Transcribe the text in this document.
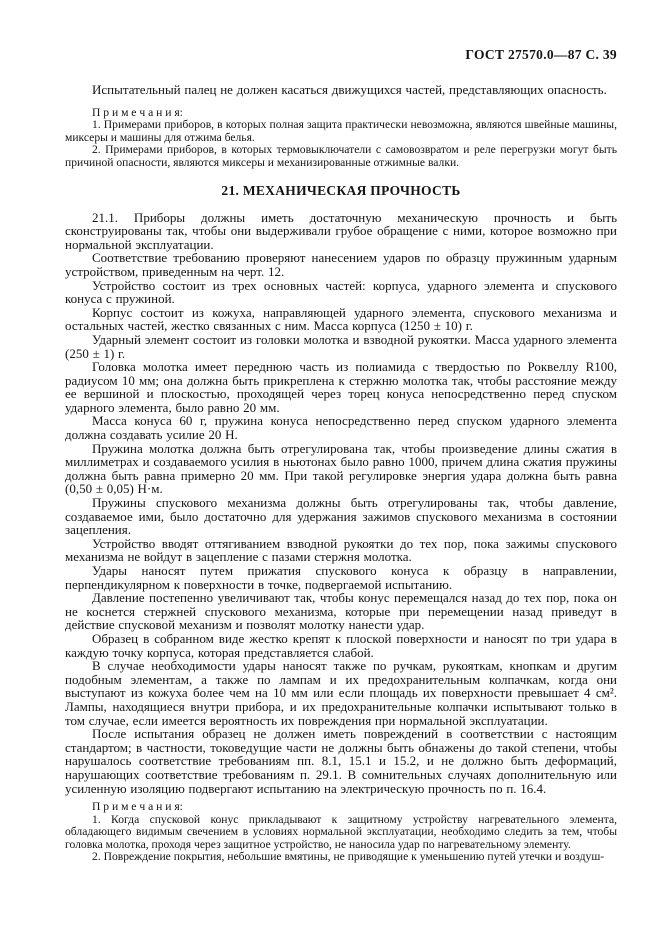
ГОСТ 27570.0—87 С. 39

Испытательный палец не должен касаться движущихся частей, представляющих опасность.

П р и м е ч а н и я:

1. Примерами приборов, в которых полная защита практически невозможна, являются швейные машины, миксеры и машины для отжима белья.

2. Примерами приборов, в которых термовыключатели с самовозвратом и реле перегрузки могут быть причиной опасности, являются миксеры и механизированные отжимные валки.

21. МЕХАНИЧЕСКАЯ ПРОЧНОСТЬ

21.1. Приборы должны иметь достаточную механическую прочность и быть сконструированы так, чтобы они выдерживали грубое обращение с ними, которое возможно при нормальной эксплуатации.

Соответствие требованию проверяют нанесением ударов по образцу пружинным ударным устройством, приведенным на черт. 12.

Устройство состоит из трех основных частей: корпуса, ударного элемента и спускового конуса с пружиной.

Корпус состоит из кожуха, направляющей ударного элемента, спускового механизма и остальных частей, жестко связанных с ним. Масса корпуса (1250 ± 10) г.

Ударный элемент состоит из головки молотка и взводной рукоятки. Масса ударного элемента (250 ± 1) г.

Головка молотка имеет переднюю часть из полиамида с твердостью по Роквеллу R100, радиусом 10 мм; она должна быть прикреплена к стержню молотка так, чтобы расстояние между ее вершиной и плоскостью, проходящей через торец конуса непосредственно перед спуском ударного элемента, было равно 20 мм.

Масса конуса 60 г, пружина конуса непосредственно перед спуском ударного элемента должна создавать усилие 20 Н.

Пружина молотка должна быть отрегулирована так, чтобы произведение длины сжатия в миллиметрах и создаваемого усилия в ньютонах было равно 1000, причем длина сжатия пружины должна быть равна примерно 20 мм. При такой регулировке энергия удара должна быть равна (0,50 ± 0,05) Н·м.

Пружины спускового механизма должны быть отрегулированы так, чтобы давление, создаваемое ими, было достаточно для удержания зажимов спускового механизма в состоянии зацепления.

Устройство вводят оттягиванием взводной рукоятки до тех пор, пока зажимы спускового механизма не войдут в зацепление с пазами стержня молотка.

Удары наносят путем прижатия спускового конуса к образцу в направлении, перпендикулярном к поверхности в точке, подвергаемой испытанию.

Давление постепенно увеличивают так, чтобы конус перемещался назад до тех пор, пока он не коснется стержней спускового механизма, которые при перемещении назад приведут в действие спусковой механизм и позволят молотку нанести удар.

Образец в собранном виде жестко крепят к плоской поверхности и наносят по три удара в каждую точку корпуса, которая представляется слабой.

В случае необходимости удары наносят также по ручкам, рукояткам, кнопкам и другим подобным элементам, а также по лампам и их предохранительным колпачкам, когда они выступают из кожуха более чем на 10 мм или если площадь их поверхности превышает 4 см². Лампы, находящиеся внутри прибора, и их предохранительные колпачки испытывают только в том случае, если имеется вероятность их повреждения при нормальной эксплуатации.

После испытания образец не должен иметь повреждений в соответствии с настоящим стандартом; в частности, токоведущие части не должны быть обнажены до такой степени, чтобы нарушалось соответствие требованиям пп. 8.1, 15.1 и 15.2, и не должно быть деформаций, нарушающих соответствие требованиям п. 29.1. В сомнительных случаях дополнительную или усиленную изоляцию подвергают испытанию на электрическую прочность по п. 16.4.

П р и м е ч а н и я:

1. Когда спусковой конус прикладывают к защитному устройству нагревательного элемента, обладающего видимым свечением в условиях нормальной эксплуатации, необходимо следить за тем, чтобы головка молотка, проходя через защитное устройство, не наносила удар по нагревательному элементу.

2. Повреждение покрытия, небольшие вмятины, не приводящие к уменьшению путей утечки и воздуш-
